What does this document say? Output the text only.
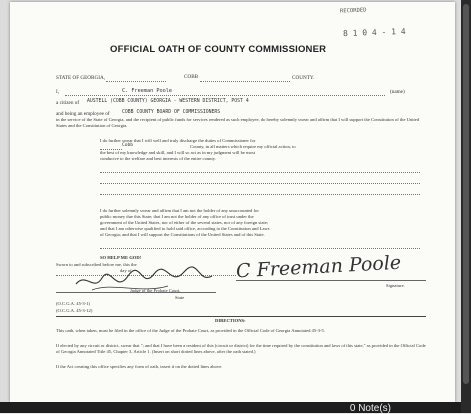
RECORDED
8 1 0 4 - 1 4
OFFICIAL OATH OF COUNTY COMMISSIONER
STATE OF GEORGIA,	COBB	COUNTY.
I,	C. Freeman Poole	(name)
a citizen of AUSTELL (COBB COUNTY) GEORGIA - WESTERN DISTRICT, POST 4
and being an employee of	COBB COUNTY BOARD OF COMMISSIONERS
in the service of the State of Georgia, and the recipient of public funds for services rendered as such employee, do hereby solemnly swear and affirm that I will support the Constitution of the United States and the Constitution of Georgia.
I do further swear that I will well and truly discharge the duties of Commissioner for
Cobb	County, in all matters which require my official action, to
the best of my knowledge and skill, and I will so act as in my judgment will be most
conducive to the welfare and best interests of the entire county.
I do further solemnly swear and affirm that I am not the holder of any unaccounted for
public money due this State; that I am not the holder of any office of trust under the
government of the United States, nor of either of the several states, nor of any foreign state;
and that I am otherwise qualified to hold said office, according to the Constitution and Laws
of Georgia; and that I will support the Constitutions of the United States and of this State.
SO HELP ME GOD!
Sworn to and subscribed before me, this the
day of
Judge of the Probate Court,
State
(O.C.G.A. 45-3-1)
(O.C.G.A. 45-3-12)
C Freeman Poole
Signature.
DIRECTIONS:
This oath, when taken, must be filed in the office of the Judge of the Probate Court, as provided in the Official Code of Georgia Annotated 45-3-5.
If elected by any circuit or district, swear that "; and that I have been a resident of this (circuit or district) for the time required by the constitution and laws of this state," as provided in the Official Code of Georgia Annotated Title 45, Chapter 3, Article 1. (Insert on short dotted lines above, after the oath stated.)
If the Act creating this office specifies any form of oath, insert it on the dotted lines above.
0 Note(s)
